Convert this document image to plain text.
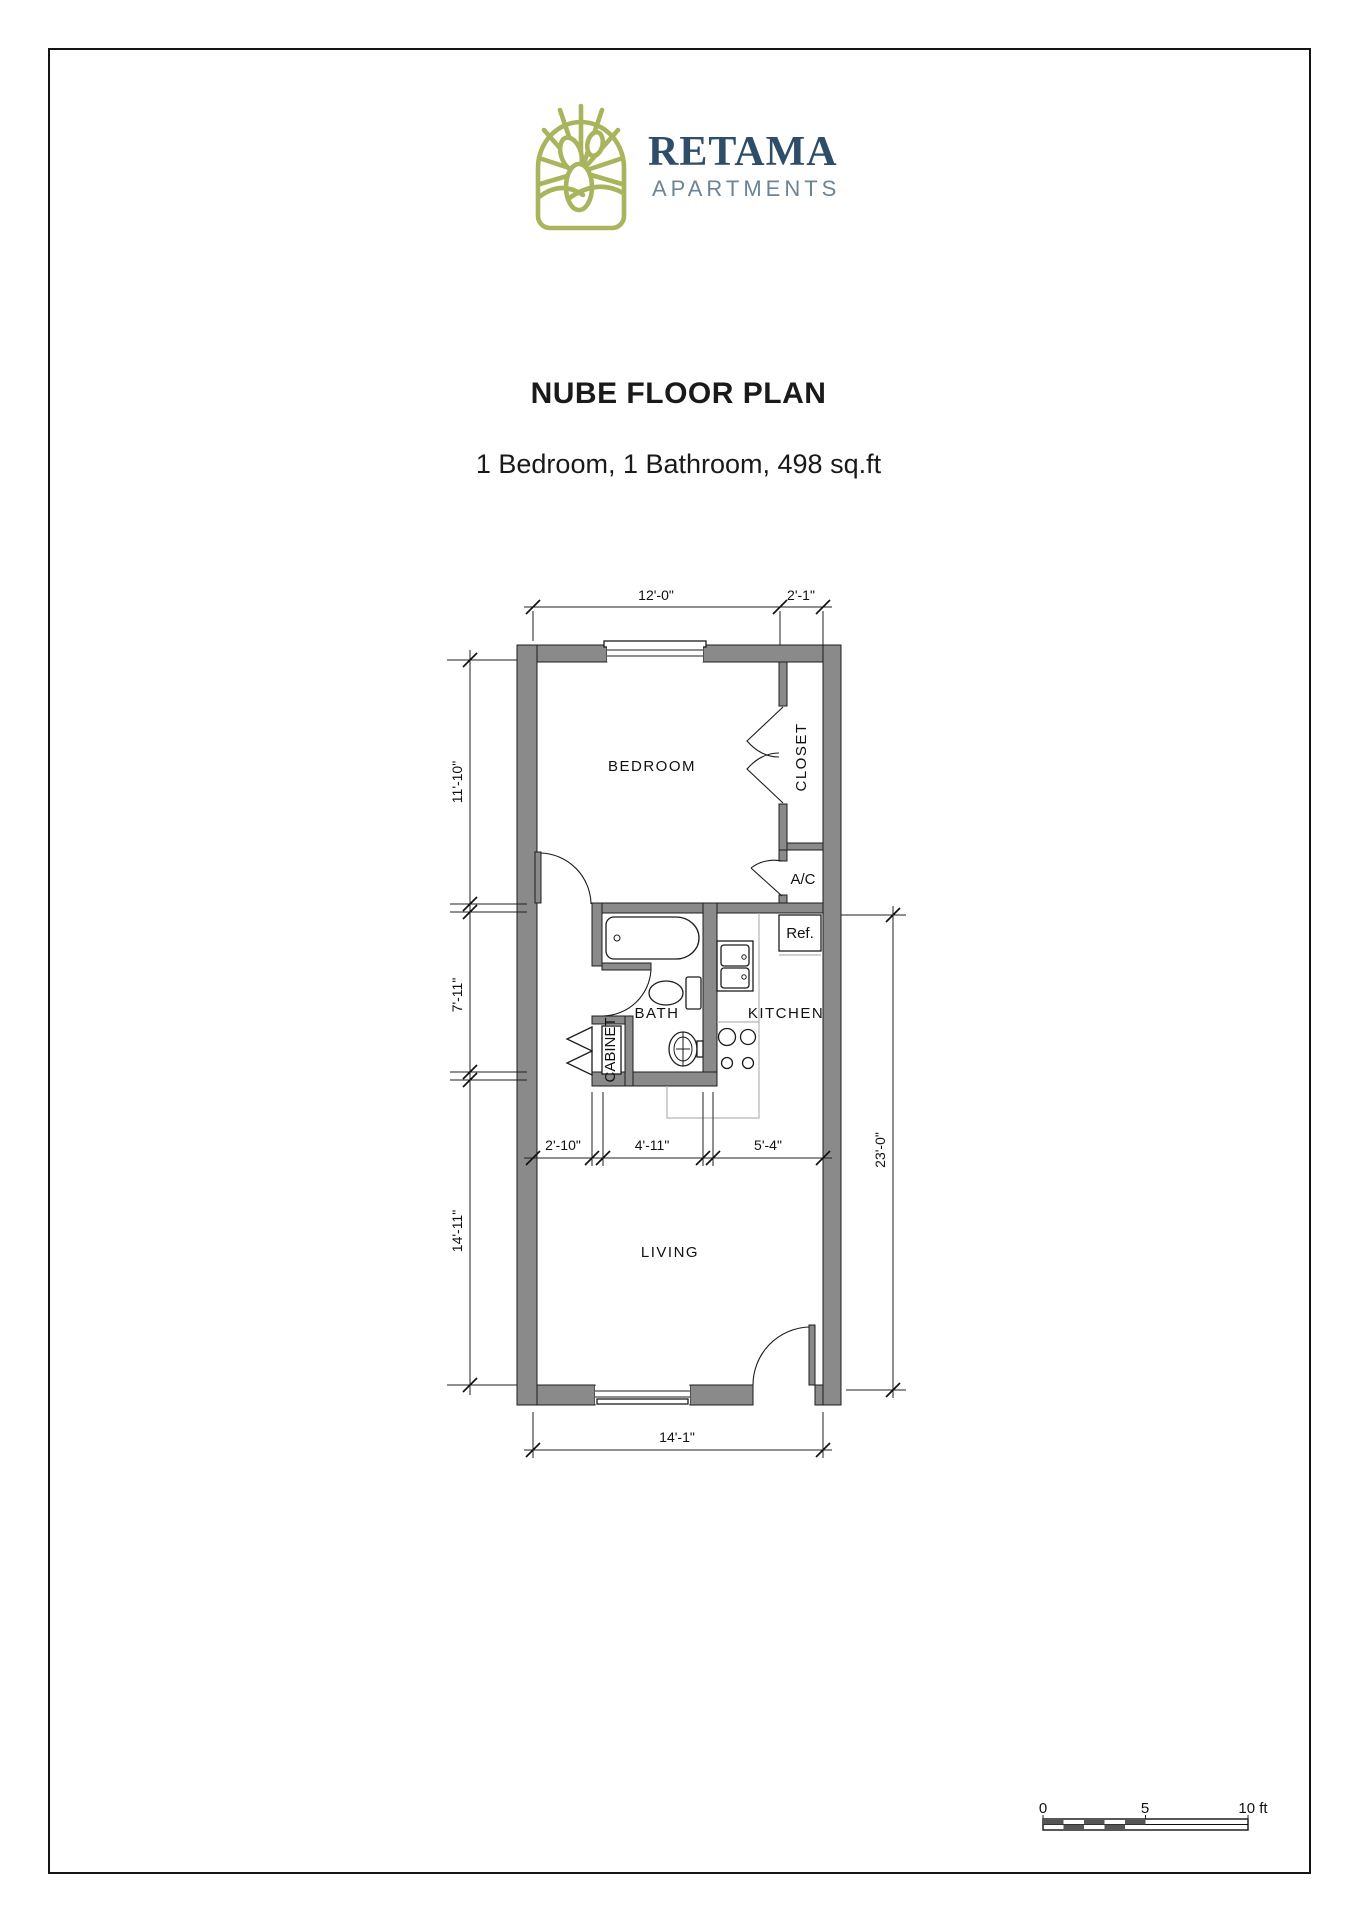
RETAMA
APARTMENTS
NUBE FLOOR PLAN
1 Bedroom, 1 Bathroom, 498 sq.ft
BEDROOM	CLOSET
A/C
BATH	KITCHEN
LIVING
CABINET
Ref.
12'-0"	2'-1"
11'-10"
7'-11"
14'-11"
23'-0"
2'-10"	4'-11"	5'-4"
14'-1"
0	5	10 ft
